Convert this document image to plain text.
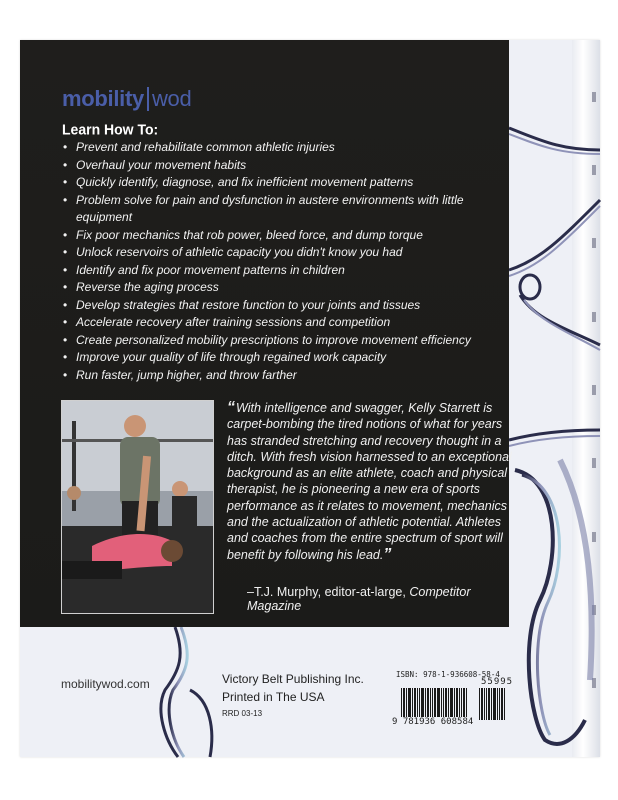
mobility wod
Learn How To:
• Prevent and rehabilitate common athletic injuries
• Overhaul your movement habits
• Quickly identify, diagnose, and fix inefficient movement patterns
• Problem solve for pain and dysfunction in austere environments with little equipment
• Fix poor mechanics that rob power, bleed force, and dump torque
• Unlock reservoirs of athletic capacity you didn't know you had
• Identify and fix poor movement patterns in children
• Reverse the aging process
• Develop strategies that restore function to your joints and tissues
• Accelerate recovery after training sessions and competition
• Create personalized mobility prescriptions to improve movement efficiency
• Improve your quality of life through regained work capacity
• Run faster, jump higher, and throw farther
“With intelligence and swagger, Kelly Starrett is carpet-bombing the tired notions of what for years has stranded stretching and recovery thought in a ditch. With fresh vision harnessed to an exceptional background as an elite athlete, coach and physical therapist, he is pioneering a new era of sports performance as it relates to movement, mechanics and the actualization of athletic potential. Athletes and coaches from the entire spectrum of sport will benefit by following his lead.”
–T.J. Murphy, editor-at-large, Competitor Magazine
mobilitywod.com	Victory Belt Publishing Inc.
Printed in The USA
RRD 03-13
ISBN: 978-1-936608-58-4
55995
9 781936 608584
